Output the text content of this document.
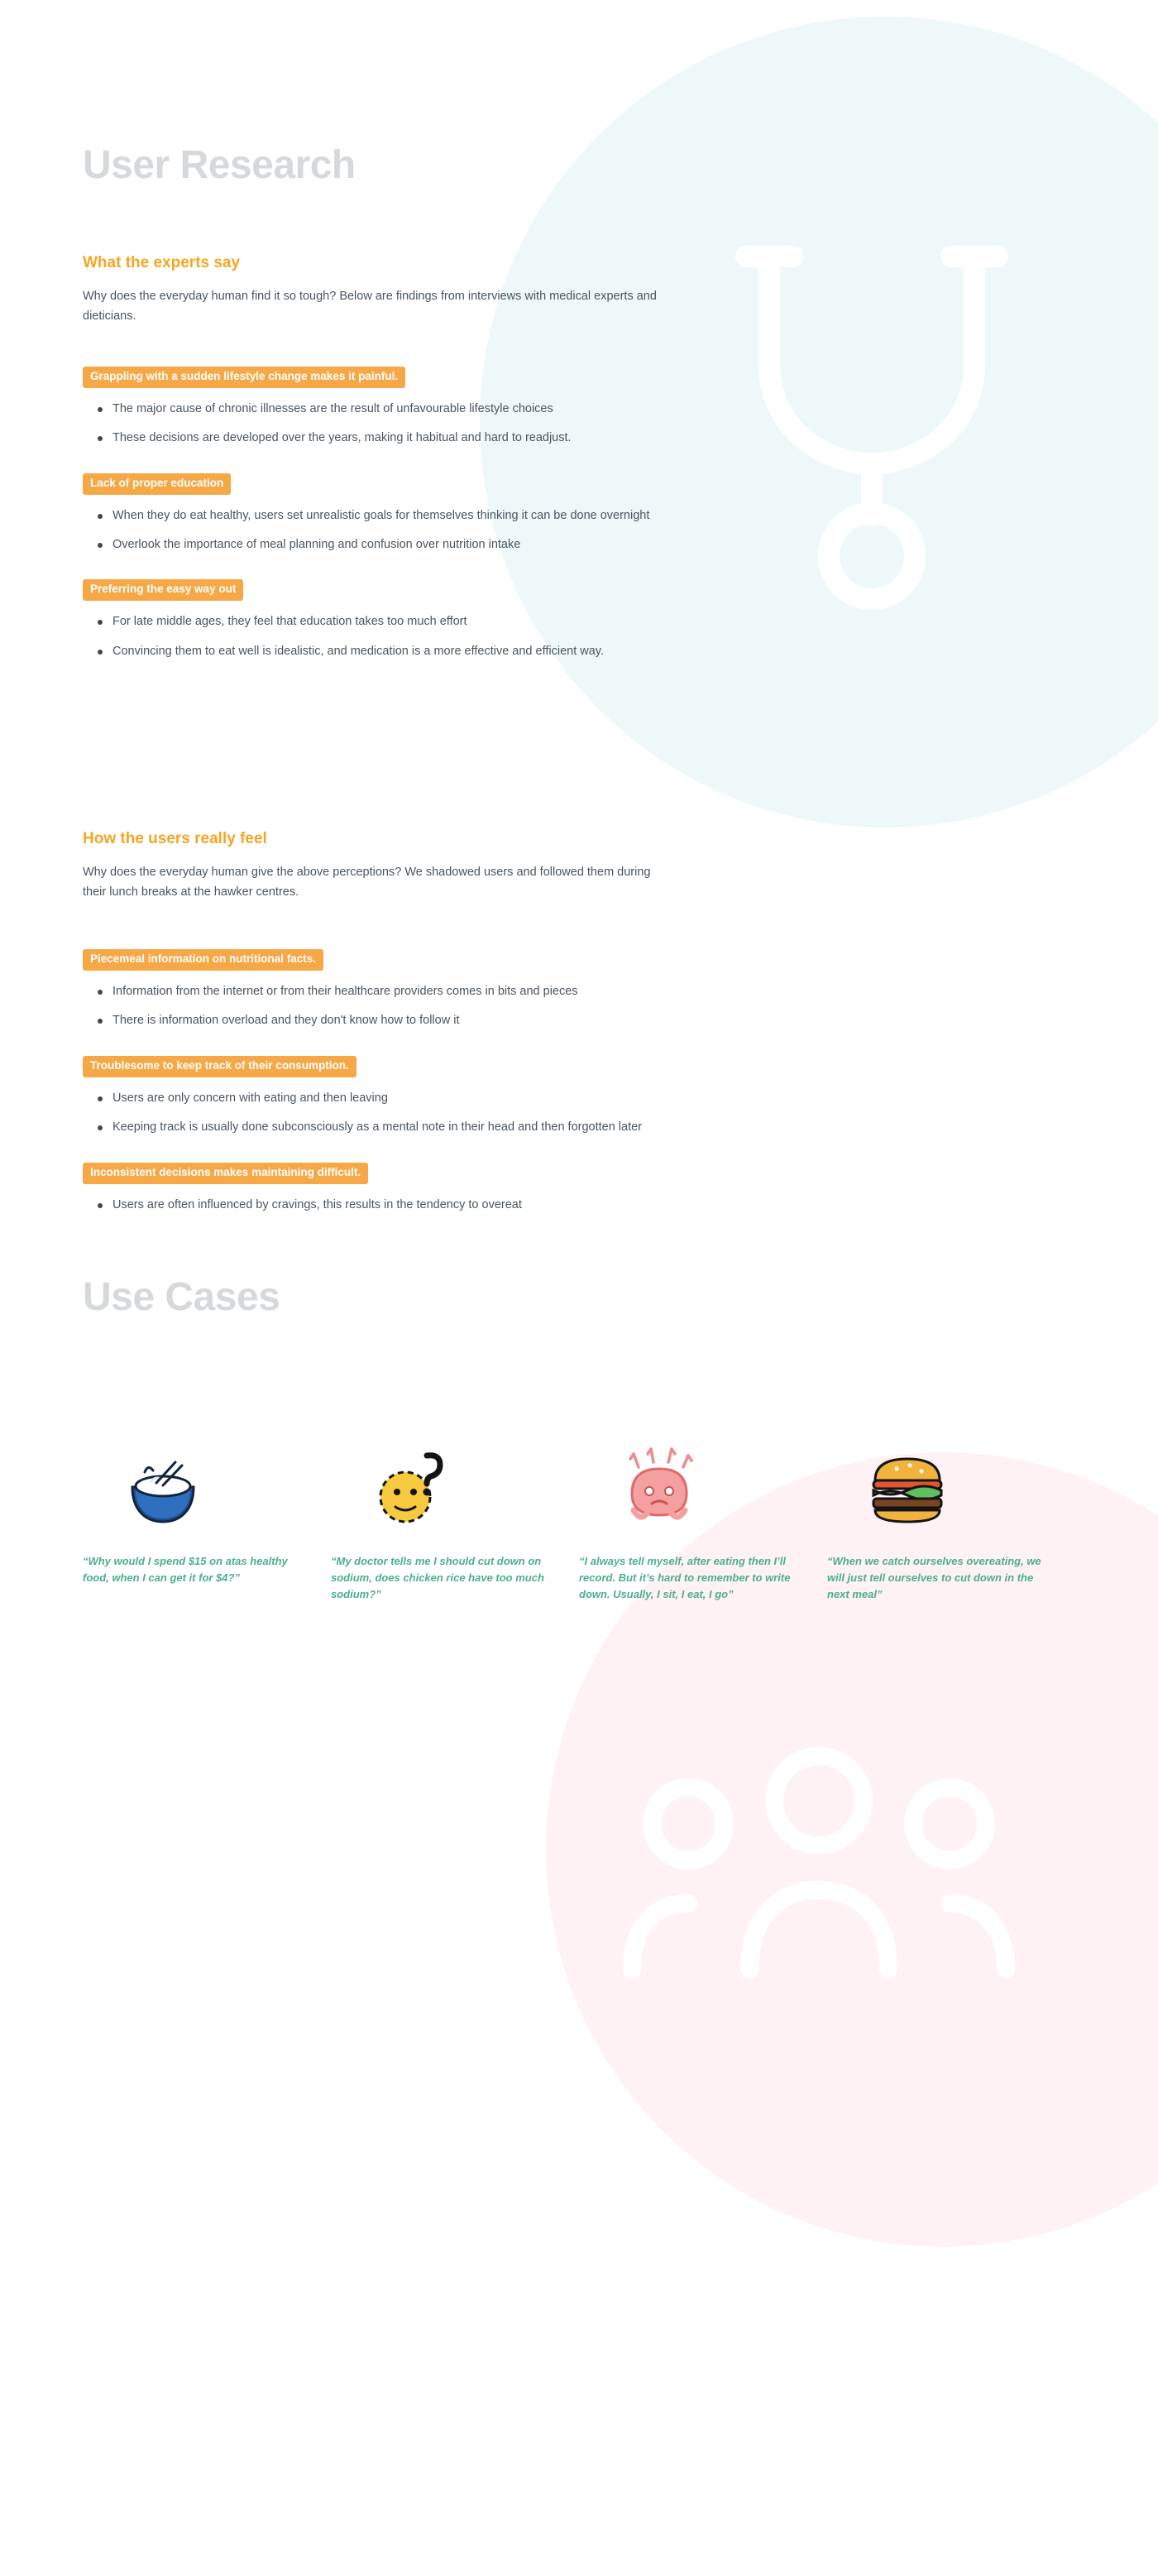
User Research
What the experts say

Why does the everyday human find it so tough? Below are findings from interviews with medical experts and dieticians.

Grappling with a sudden lifestyle change makes it painful.
The major cause of chronic illnesses are the result of unfavourable lifestyle choices
These decisions are developed over the years, making it habitual and hard to readjust.
Lack of proper education
When they do eat healthy, users set unrealistic goals for themselves thinking it can be done overnight
Overlook the importance of meal planning and confusion over nutrition intake
Preferring the easy way out
For late middle ages, they feel that education takes too much effort
Convincing them to eat well is idealistic, and medication is a more effective and efficient way.
How the users really feel

Why does the everyday human give the above perceptions? We shadowed users and followed them during their lunch breaks at the hawker centres.

Piecemeal information on nutritional facts.
Information from the internet or from their healthcare providers comes in bits and pieces
There is information overload and they don't know how to follow it
Troublesome to keep track of their consumption.
Users are only concern with eating and then leaving
Keeping track is usually done subconsciously as a mental note in their head and then forgotten later
Inconsistent decisions makes maintaining difficult.
Users are often influenced by cravings, this results in the tendency to overeat
Use Cases
“Why would I spend $15 on atas healthy food, when I can get it for $4?”
“My doctor tells me I should cut down on sodium, does chicken rice have too much sodium?”
“I always tell myself, after eating then I’ll record. But it’s hard to remember to write down. Usually, I sit, I eat, I go”
“When we catch ourselves overeating, we will just tell ourselves to cut down in the next meal”
